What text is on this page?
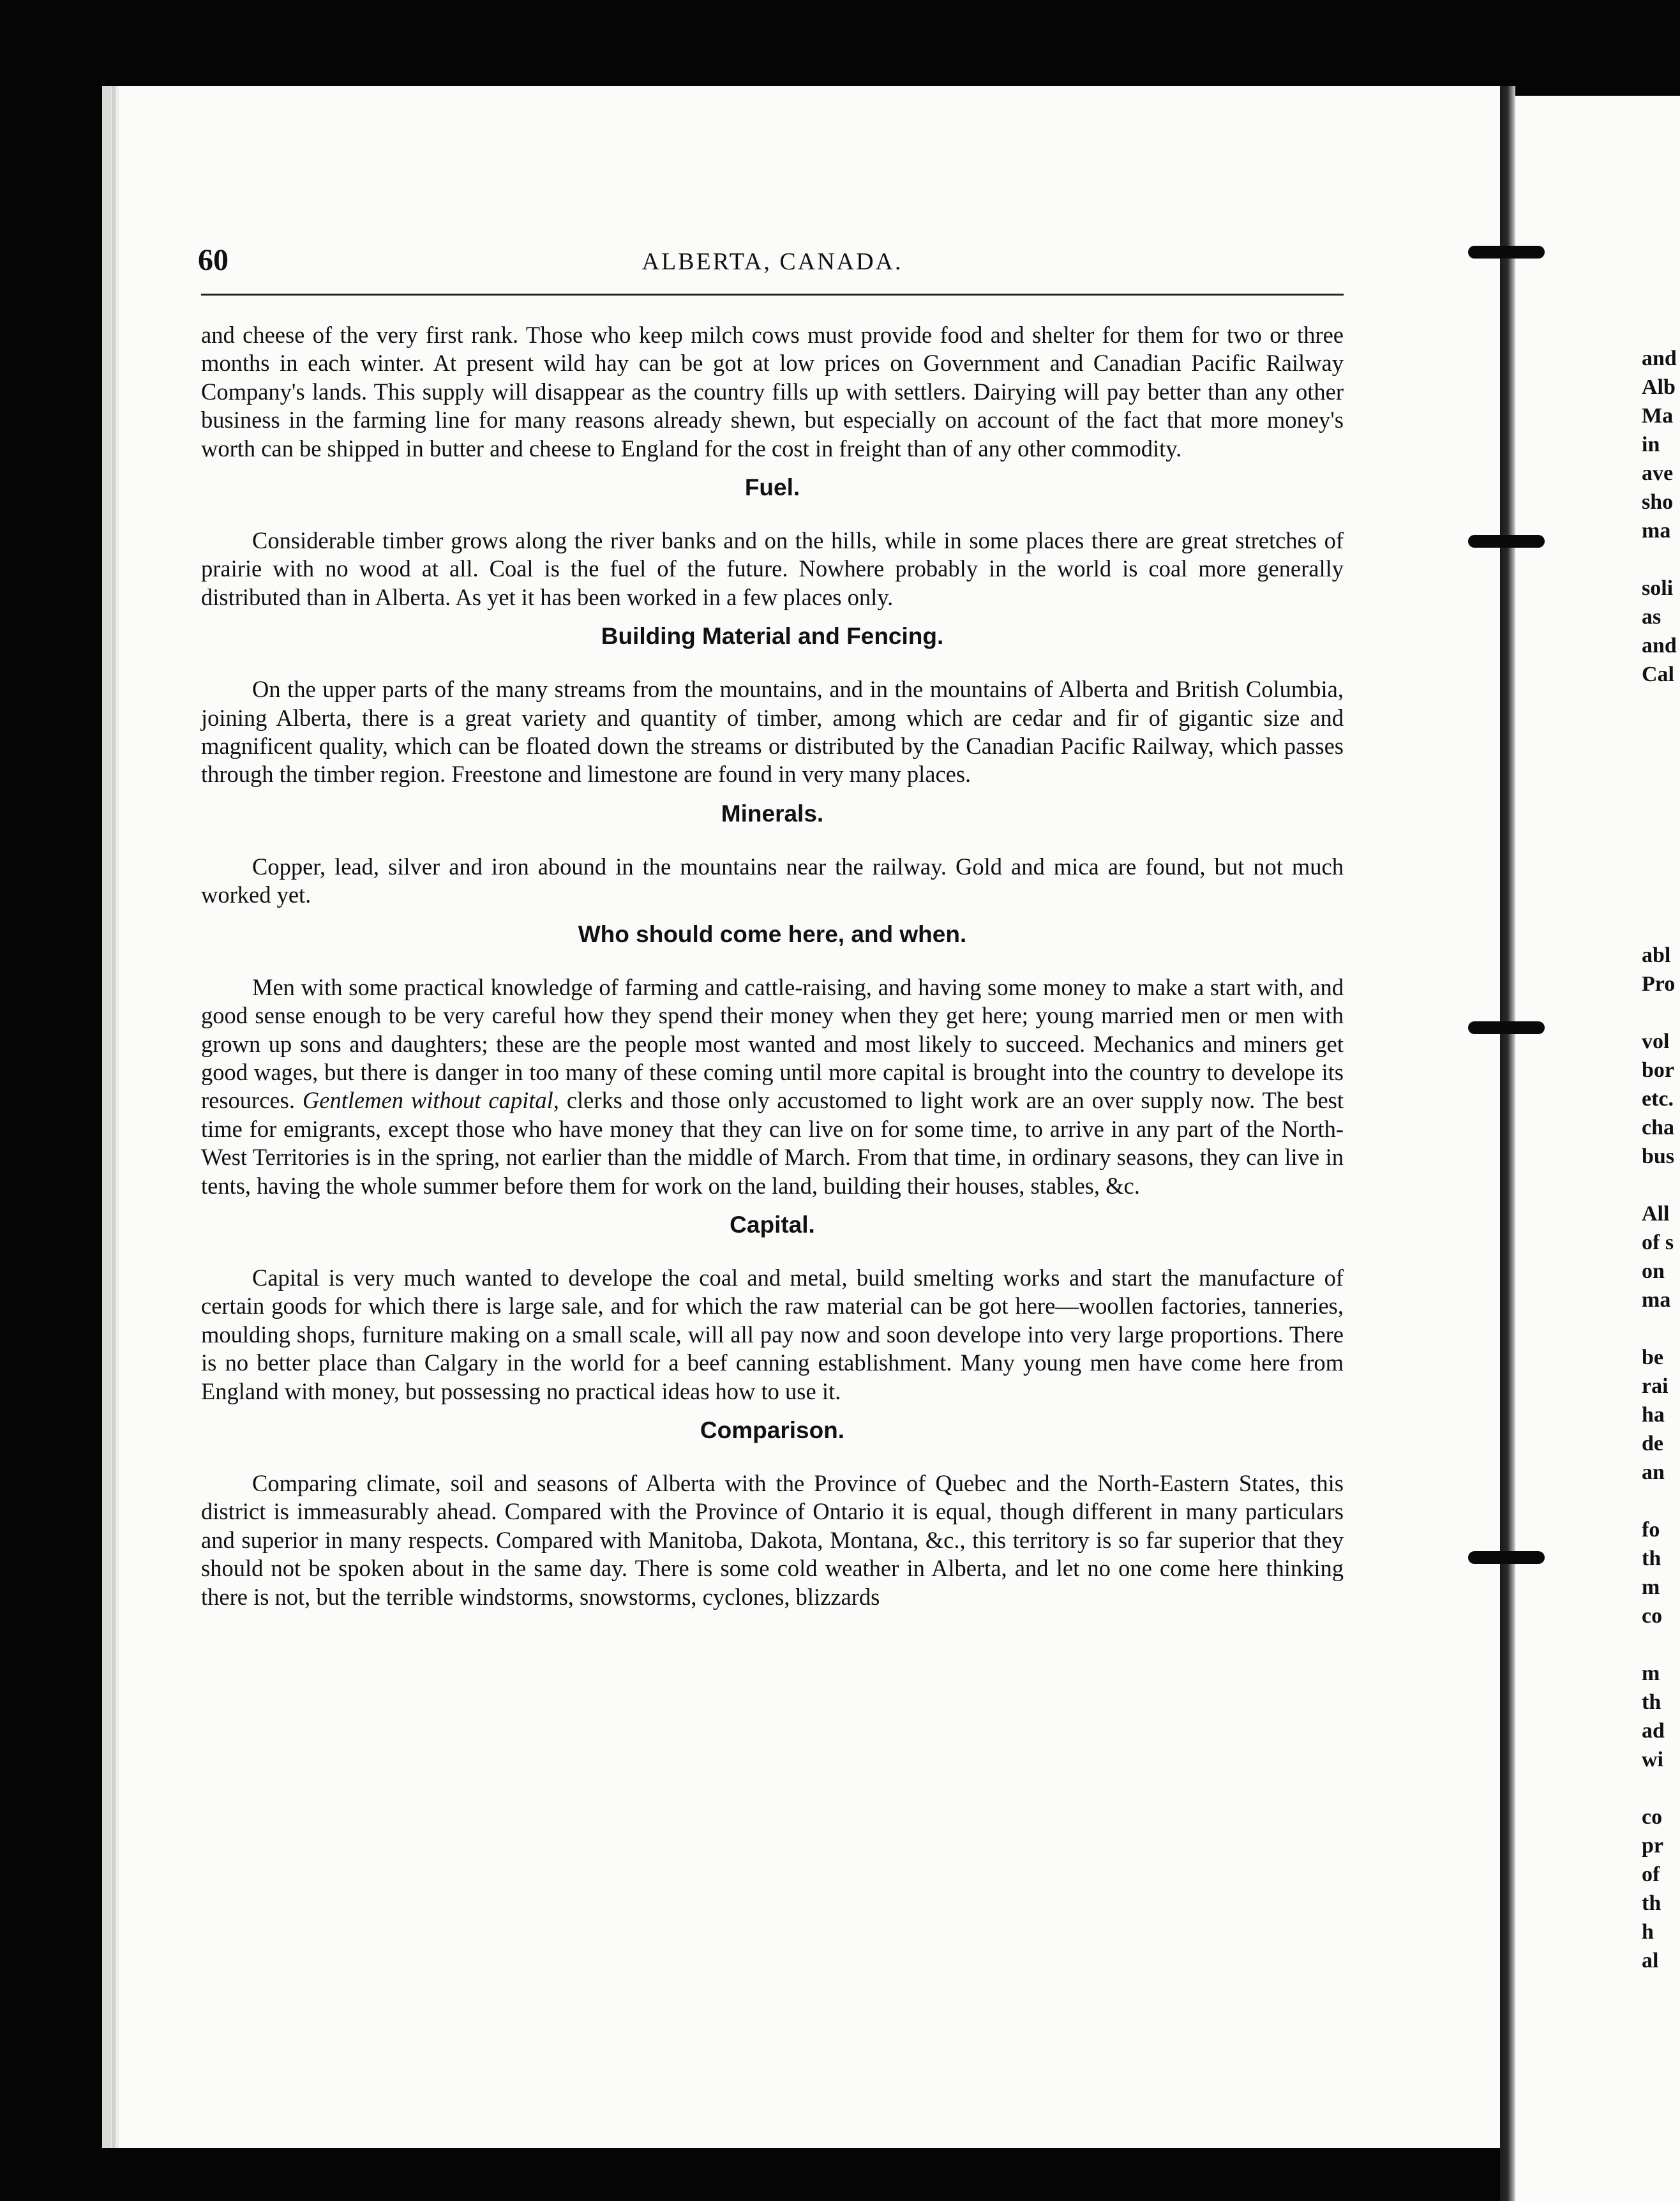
and
Alb
Ma
in
ave
sho
ma
soli
as
and
Cal
abl
Pro
vol
bor
etc.
cha
bus
All
of s
on
ma
be
rai
ha
de
an
fo
th
m
co
m
th
ad
wi
co
pr
of
th
h
al
60	ALBERTA, CANADA.

and cheese of the very first rank. Those who keep milch cows must provide food and shelter for them for two or three months in each winter. At present wild hay can be got at low prices on Government and Canadian Pacific Railway Company's lands. This supply will disappear as the country fills up with settlers. Dairying will pay better than any other business in the farming line for many reasons already shewn, but especially on account of the fact that more money's worth can be shipped in butter and cheese to England for the cost in freight than of any other commodity.

Fuel.

Considerable timber grows along the river banks and on the hills, while in some places there are great stretches of prairie with no wood at all. Coal is the fuel of the future. Nowhere probably in the world is coal more generally distributed than in Alberta. As yet it has been worked in a few places only.

Building Material and Fencing.

On the upper parts of the many streams from the mountains, and in the mountains of Alberta and British Columbia, joining Alberta, there is a great variety and quantity of timber, among which are cedar and fir of gigantic size and magnificent quality, which can be floated down the streams or distributed by the Canadian Pacific Railway, which passes through the timber region. Freestone and limestone are found in very many places.

Minerals.

Copper, lead, silver and iron abound in the mountains near the railway. Gold and mica are found, but not much worked yet.

Who should come here, and when.

Men with some practical knowledge of farming and cattle-raising, and having some money to make a start with, and good sense enough to be very careful how they spend their money when they get here; young married men or men with grown up sons and daughters; these are the people most wanted and most likely to succeed. Mechanics and miners get good wages, but there is danger in too many of these coming until more capital is brought into the country to develope its resources. Gentlemen without capital, clerks and those only accustomed to light work are an over supply now. The best time for emigrants, except those who have money that they can live on for some time, to arrive in any part of the North-West Territories is in the spring, not earlier than the middle of March. From that time, in ordinary seasons, they can live in tents, having the whole summer before them for work on the land, building their houses, stables, &c.

Capital.

Capital is very much wanted to develope the coal and metal, build smelting works and start the manufacture of certain goods for which there is large sale, and for which the raw material can be got here—woollen factories, tanneries, moulding shops, furniture making on a small scale, will all pay now and soon develope into very large proportions. There is no better place than Calgary in the world for a beef canning establishment. Many young men have come here from England with money, but possessing no practical ideas how to use it.

Comparison.

Comparing climate, soil and seasons of Alberta with the Province of Quebec and the North-Eastern States, this district is immeasurably ahead. Compared with the Province of Ontario it is equal, though different in many particulars and superior in many respects. Compared with Manitoba, Dakota, Montana, &c., this territory is so far superior that they should not be spoken about in the same day. There is some cold weather in Alberta, and let no one come here thinking there is not, but the terrible windstorms, snowstorms, cyclones, blizzards
